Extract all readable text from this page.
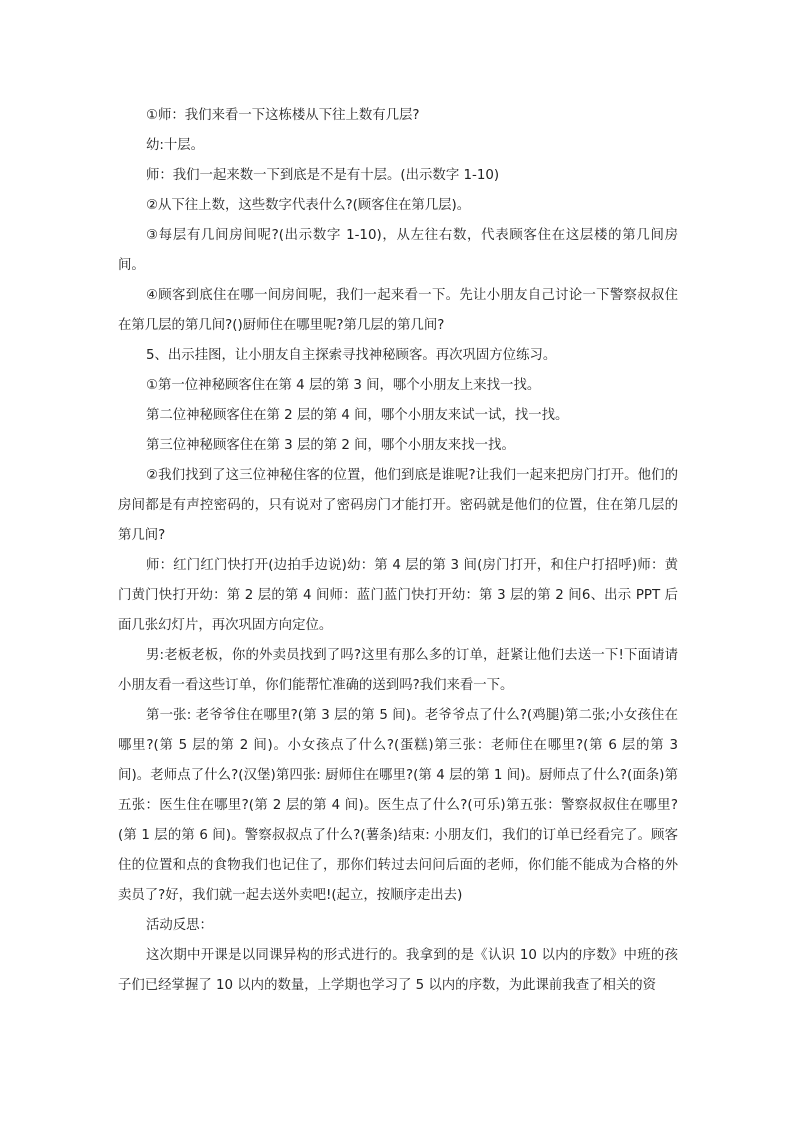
①师：我们来看一下这栋楼从下往上数有几层?

幼:十层。

师：我们一起来数一下到底是不是有十层。(出示数字 1-10)

②从下往上数，这些数字代表什么?(顾客住在第几层)。

③每层有几间房间呢?(出示数字 1-10)，从左往右数，代表顾客住在这层楼的第几间房间。

④顾客到底住在哪一间房间呢，我们一起来看一下。先让小朋友自己讨论一下警察叔叔住在第几层的第几间?()厨师住在哪里呢?第几层的第几间?

5、出示挂图，让小朋友自主探索寻找神秘顾客。再次巩固方位练习。

①第一位神秘顾客住在第 4 层的第 3 间，哪个小朋友上来找一找。

第二位神秘顾客住在第 2 层的第 4 间，哪个小朋友来试一试，找一找。

第三位神秘顾客住在第 3 层的第 2 间，哪个小朋友来找一找。

②我们找到了这三位神秘住客的位置，他们到底是谁呢?让我们一起来把房门打开。他们的房间都是有声控密码的，只有说对了密码房门才能打开。密码就是他们的位置，住在第几层的第几间?

师：红门红门快打开(边拍手边说)幼：第 4 层的第 3 间(房门打开，和住户打招呼)师：黄门黄门快打开幼：第 2 层的第 4 间师：蓝门蓝门快打开幼：第 3 层的第 2 间6、出示 PPT 后面几张幻灯片，再次巩固方向定位。

男:老板老板，你的外卖员找到了吗?这里有那么多的订单，赶紧让他们去送一下!下面请请小朋友看一看这些订单，你们能帮忙准确的送到吗?我们来看一下。

第一张: 老爷爷住在哪里?(第 3 层的第 5 间)。老爷爷点了什么?(鸡腿)第二张;小女孩住在哪里?(第 5 层的第 2 间)。小女孩点了什么?(蛋糕)第三张：老师住在哪里?(第 6 层的第 3 间)。老师点了什么?(汉堡)第四张: 厨师住在哪里?(第 4 层的第 1 间)。厨师点了什么?(面条)第五张：医生住在哪里?(第 2 层的第 4 间)。医生点了什么?(可乐)第五张：警察叔叔住在哪里?(第 1 层的第 6 间)。警察叔叔点了什么?(薯条)结束: 小朋友们，我们的订单已经看完了。顾客住的位置和点的食物我们也记住了，那你们转过去问问后面的老师，你们能不能成为合格的外卖员了?好，我们就一起去送外卖吧!(起立，按顺序走出去)

活动反思：

这次期中开课是以同课异构的形式进行的。我拿到的是《认识 10 以内的序数》中班的孩子们已经掌握了 10 以内的数量，上学期也学习了 5 以内的序数，为此课前我查了相关的资
